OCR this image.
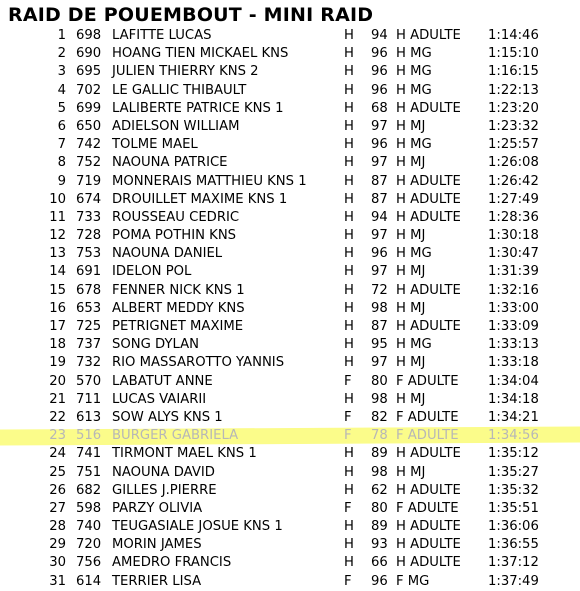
RAID DE POUEMBOUT - MINI RAID
1 698 LAFITTE LUCAS	H 94 H ADULTE 1:14:46
2 690 HOANG TIEN MICKAEL KNS	H 96 H MG	1:15:10
3 695 JULIEN THIERRY KNS 2	H 96 H MG	1:16:15
4 702 LE GALLIC THIBAULT	H 96 H MG	1:22:13
5 699 LALIBERTE PATRICE KNS 1	H 68 H ADULTE 1:23:20
6 650 ADIELSON WILLIAM	H 97 H MJ	1:23:32
7 742 TOLME MAEL	H 96 H MG	1:25:57
8 752 NAOUNA PATRICE	H 97 H MJ	1:26:08
9 719 MONNERAIS MATTHIEU KNS 1	H 87 H ADULTE 1:26:42
10 674 DROUILLET MAXIME KNS 1	H 87 H ADULTE 1:27:49
11 733 ROUSSEAU CEDRIC	H 94 H ADULTE 1:28:36
12 728 POMA POTHIN KNS	H 97 H MJ	1:30:18
13 753 NAOUNA DANIEL	H 96 H MG	1:30:47
14 691 IDELON POL	H 97 H MJ	1:31:39
15 678 FENNER NICK KNS 1	H 72 H ADULTE 1:32:16
16 653 ALBERT MEDDY KNS	H 98 H MJ	1:33:00
17 725 PETRIGNET MAXIME	H 87 H ADULTE 1:33:09
18 737 SONG DYLAN	H 95 H MG	1:33:13
19 732 RIO MASSAROTTO YANNIS	H 97 H MJ	1:33:18
20 570 LABATUT ANNE	F 80 F ADULTE 1:34:04
21 711 LUCAS VAIARII	H 98 H MJ	1:34:18
22 613 SOW ALYS KNS 1	F 82 F ADULTE 1:34:21
23 516 BURGER GABRIELA	F 78 F ADULTE 1:34:56
24 741 TIRMONT MAEL KNS 1	H 89 H ADULTE 1:35:12
25 751 NAOUNA DAVID	H 98 H MJ	1:35:27
26 682 GILLES J.PIERRE	H 62 H ADULTE 1:35:32
27 598 PARZY OLIVIA	F 80 F ADULTE 1:35:51
28 740 TEUGASIALE JOSUE KNS 1	H 89 H ADULTE 1:36:06
29 720 MORIN JAMES	H 93 H ADULTE 1:36:55
30 756 AMEDRO FRANCIS	H 66 H ADULTE 1:37:12
31 614 TERRIER LISA	F 96 F MG	1:37:49
